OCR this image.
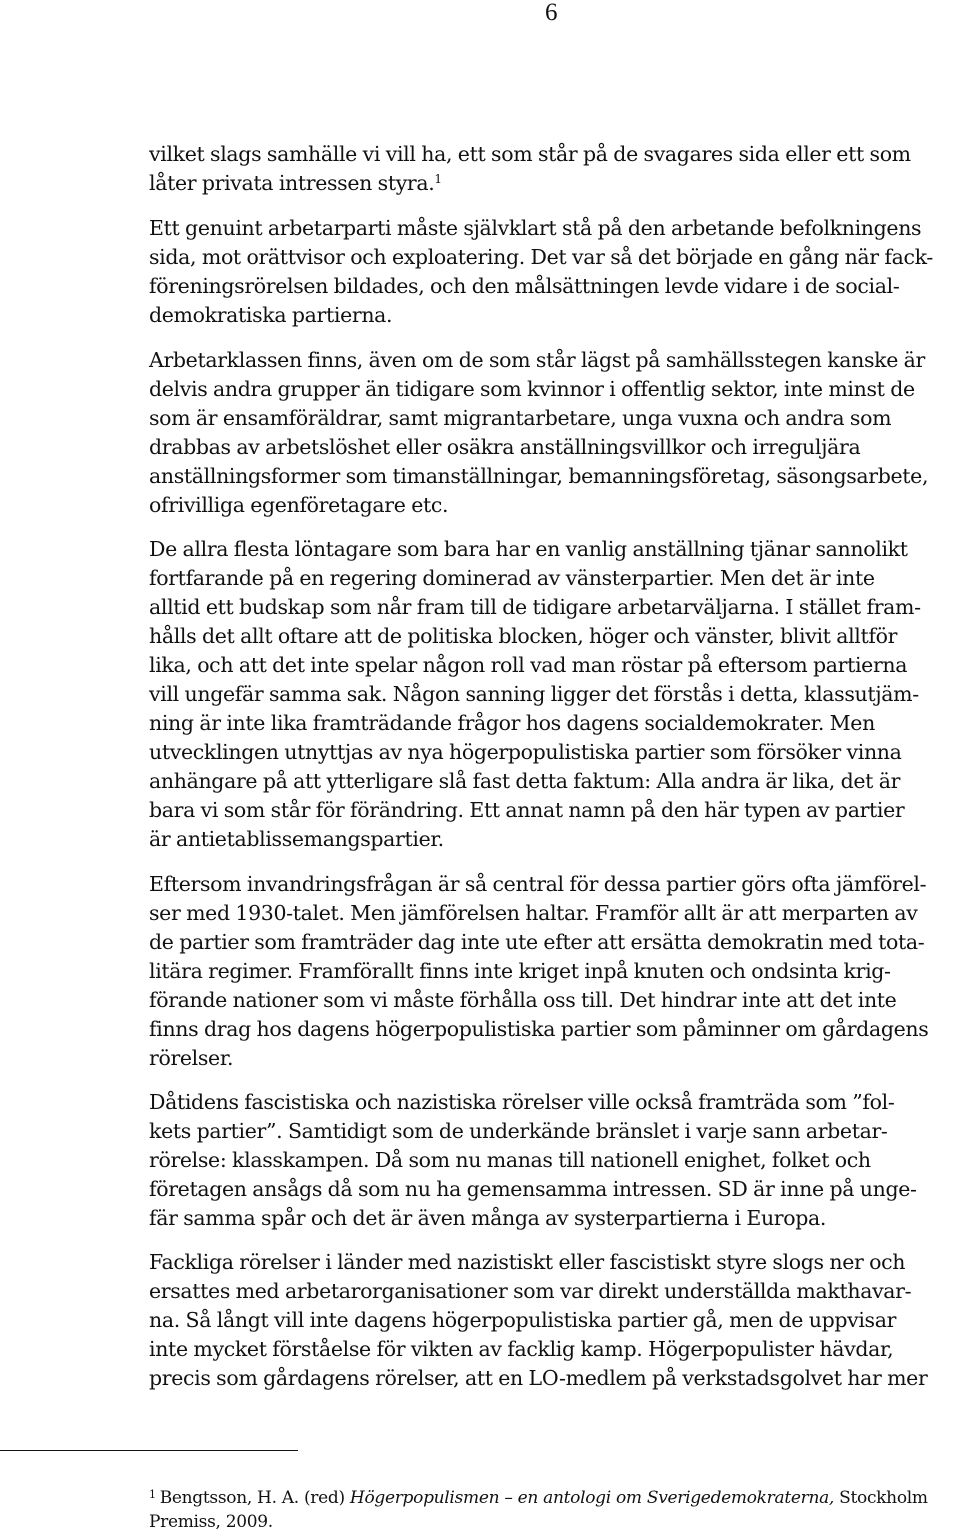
6
vilket slags samhälle vi vill ha, ett som står på de svagares sida eller ett som
låter privata intressen styra.$^1$
Ett genuint arbetarparti måste självklart stå på den arbetande befolkningens
sida, mot orättvisor och exploatering. Det var så det började en gång när fack-
föreningsrörelsen bildades, och den målsättningen levde vidare i de social-
demokratiska partierna.
Arbetarklassen finns, även om de som står lägst på samhällsstegen kanske är
delvis andra grupper än tidigare som kvinnor i offentlig sektor, inte minst de
som är ensamföräldrar, samt migrantarbetare, unga vuxna och andra som
drabbas av arbetslöshet eller osäkra anställningsvillkor och irreguljära
anställningsformer som timanställningar, bemanningsföretag, säsongsarbete,
ofrivilliga egenföretagare etc.
De allra flesta löntagare som bara har en vanlig anställning tjänar sannolikt
fortfarande på en regering dominerad av vänsterpartier. Men det är inte
alltid ett budskap som når fram till de tidigare arbetarväljarna. I stället fram-
hålls det allt oftare att de politiska blocken, höger och vänster, blivit alltför
lika, och att det inte spelar någon roll vad man röstar på eftersom partierna
vill ungefär samma sak. Någon sanning ligger det förstås i detta, klassutjäm-
ning är inte lika framträdande frågor hos dagens socialdemokrater. Men
utvecklingen utnyttjas av nya högerpopulistiska partier som försöker vinna
anhängare på att ytterligare slå fast detta faktum: Alla andra är lika, det är
bara vi som står för förändring. Ett annat namn på den här typen av partier
är antietablissemangspartier.
Eftersom invandringsfrågan är så central för dessa partier görs ofta jämförel-
ser med 1930-talet. Men jämförelsen haltar. Framför allt är att merparten av
de partier som framträder dag inte ute efter att ersätta demokratin med tota-
litära regimer. Framförallt finns inte kriget inpå knuten och ondsinta krig-
förande nationer som vi måste förhålla oss till. Det hindrar inte att det inte
finns drag hos dagens högerpopulistiska partier som påminner om gårdagens
rörelser.
Dåtidens fascistiska och nazistiska rörelser ville också framträda som ”fol-
kets partier”. Samtidigt som de underkände bränslet i varje sann arbetar-
rörelse: klasskampen. Då som nu manas till nationell enighet, folket och
företagen ansågs då som nu ha gemensamma intressen. SD är inne på unge-
fär samma spår och det är även många av systerpartierna i Europa.
Fackliga rörelser i länder med nazistiskt eller fascistiskt styre slogs ner och
ersattes med arbetarorganisationer som var direkt underställda makthavar-
na. Så långt vill inte dagens högerpopulistiska partier gå, men de uppvisar
inte mycket förståelse för vikten av facklig kamp. Högerpopulister hävdar,
precis som gårdagens rörelser, att en LO-medlem på verkstadsgolvet har mer
$^1$ Bengtsson, H. A. (red) Högerpopulismen – en antologi om Sverigedemokraterna, Stockholm
Premiss, 2009.
